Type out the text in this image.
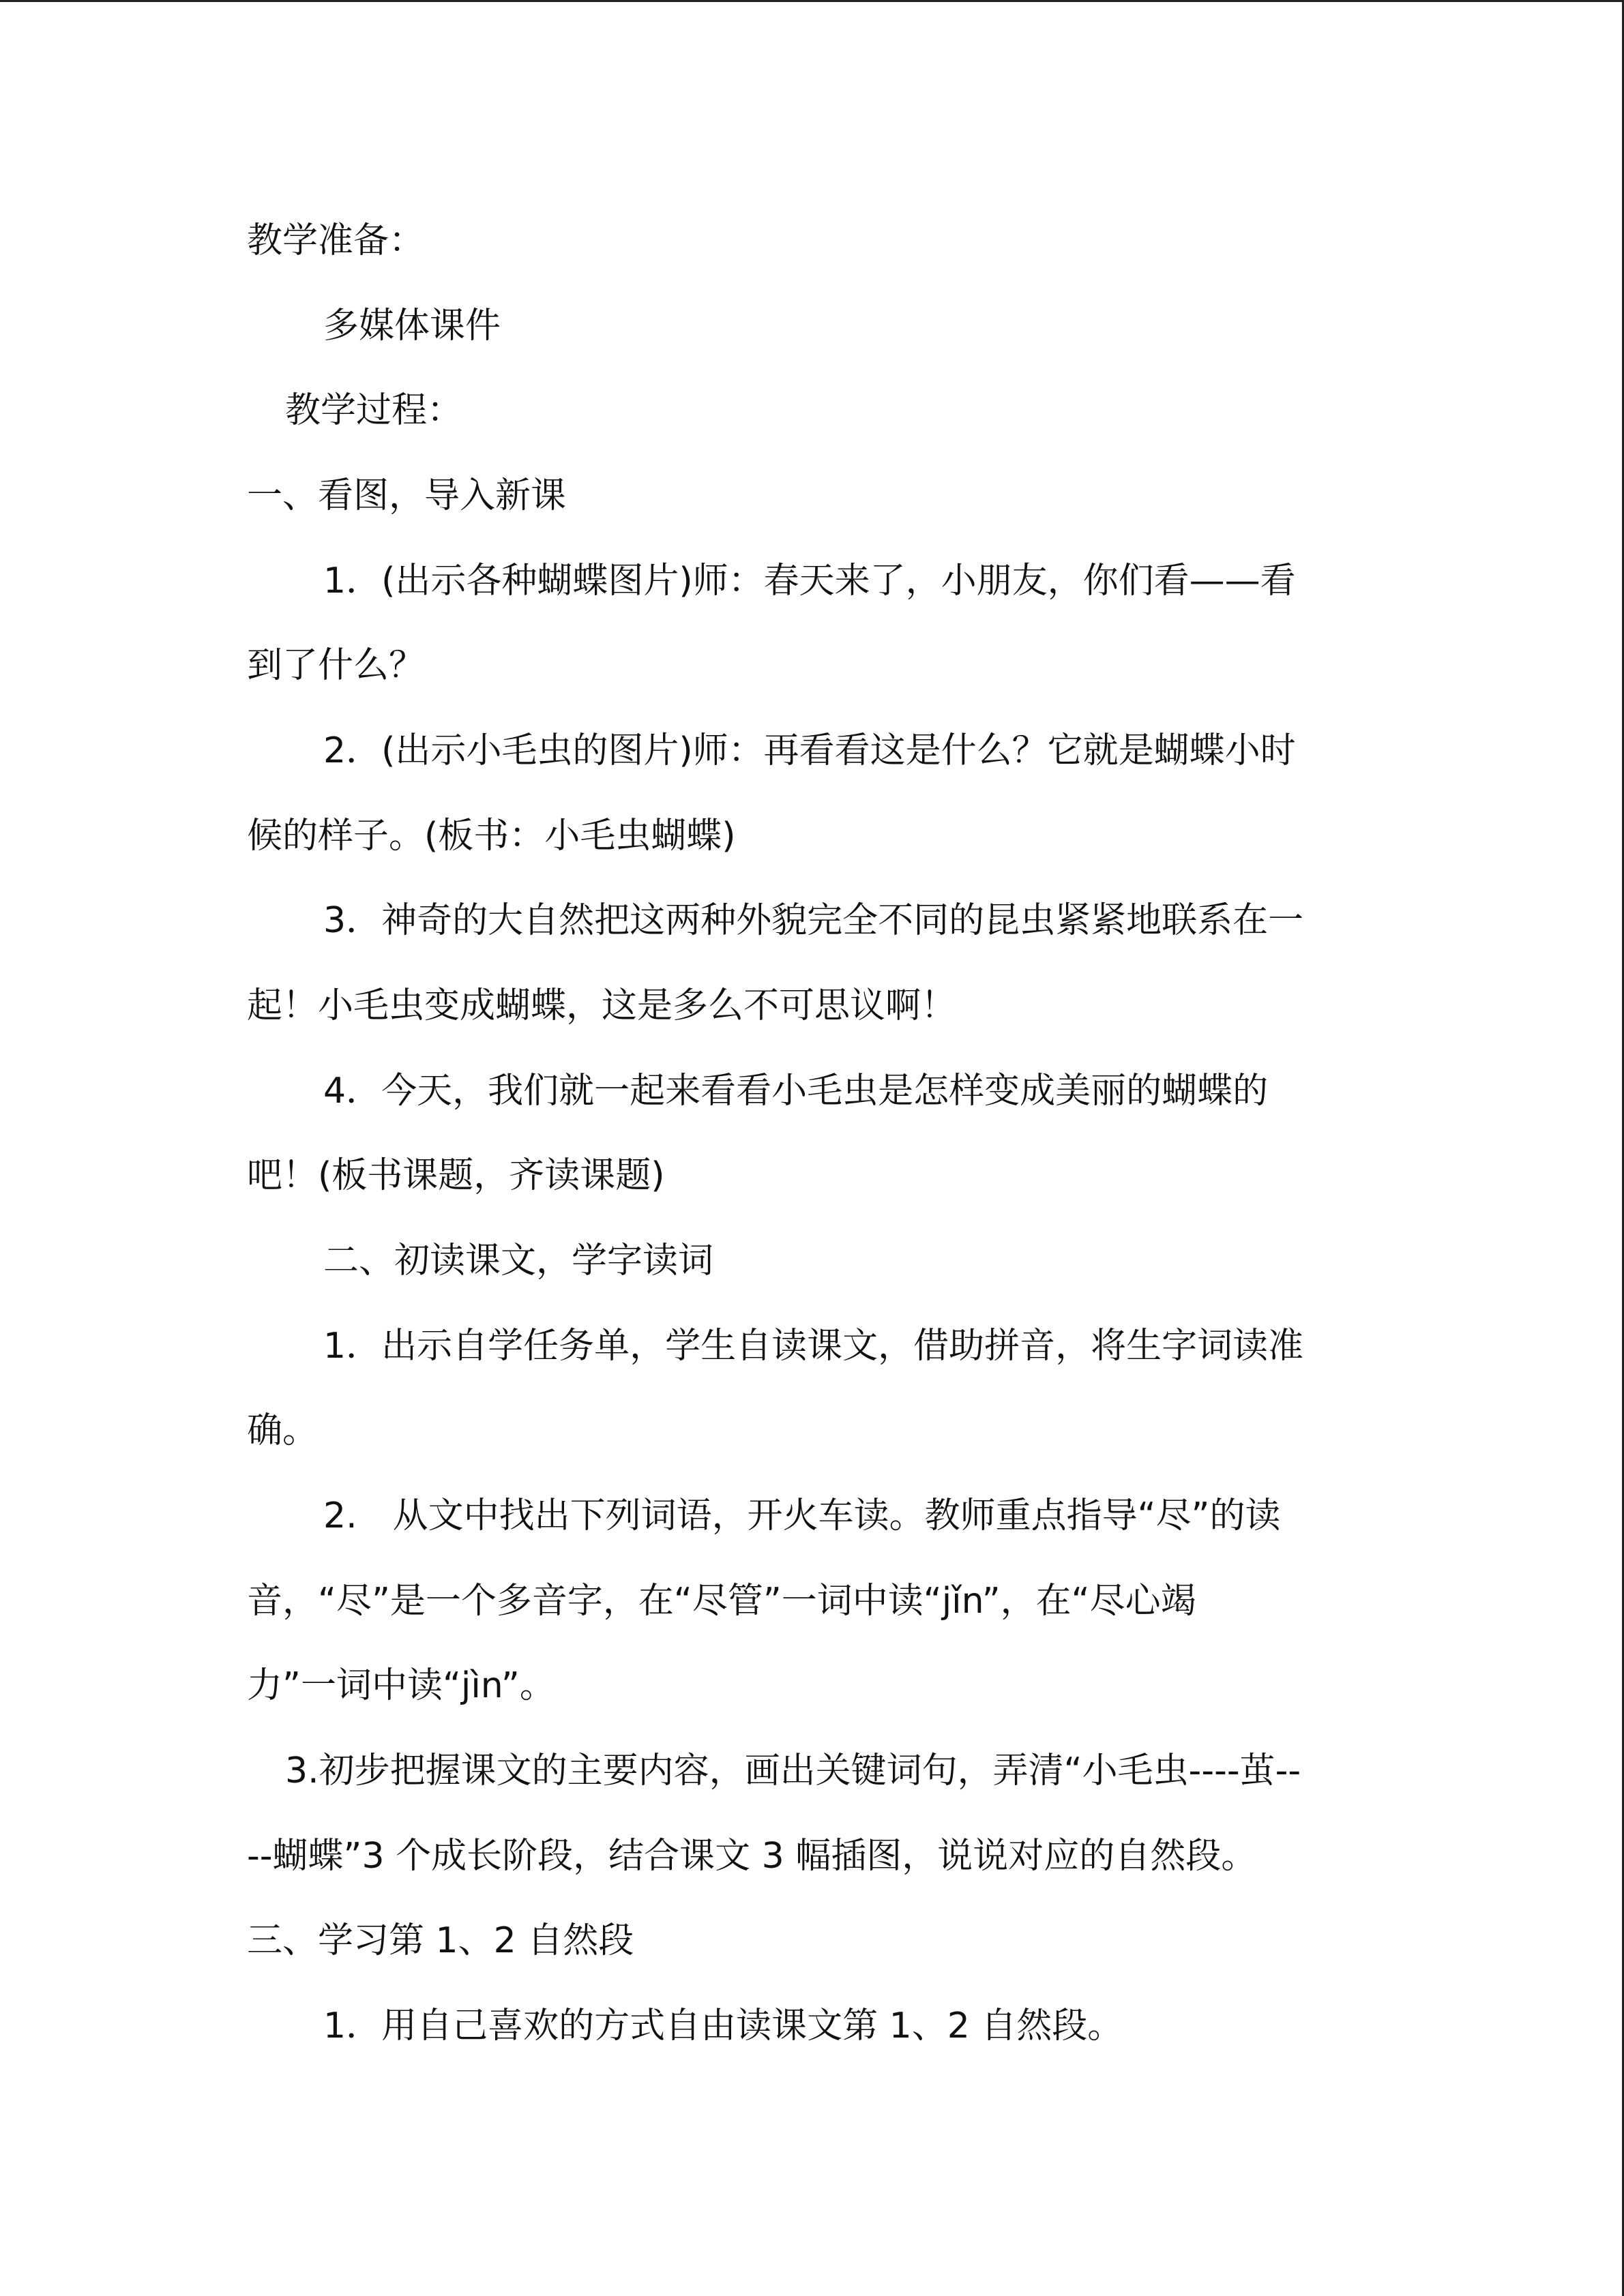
教学准备：
多媒体课件
教学过程：
一、看图，导入新课
1．(出示各种蝴蝶图片)师：春天来了，小朋友，你们看——看
到了什么？
2．(出示小毛虫的图片)师：再看看这是什么？它就是蝴蝶小时
候的样子。(板书：小毛虫蝴蝶)
3．神奇的大自然把这两种外貌完全不同的昆虫紧紧地联系在一
起！小毛虫变成蝴蝶，这是多么不可思议啊！
4．今天，我们就一起来看看小毛虫是怎样变成美丽的蝴蝶的
吧！(板书课题，齐读课题)
二、初读课文，学字读词
1．出示自学任务单，学生自读课文，借助拼音，将生字词读准
确。
2.　从文中找出下列词语，开火车读。教师重点指导“尽”的读
音，“尽”是一个多音字，在“尽管”一词中读“jǐn”，在“尽心竭
力”一词中读“jìn”。
3.初步把握课文的主要内容，画出关键词句，弄清“小毛虫----茧--
--蝴蝶”3 个成长阶段，结合课文 3 幅插图，说说对应的自然段。
三、学习第 1、2 自然段
1．用自己喜欢的方式自由读课文第 1、2 自然段。
